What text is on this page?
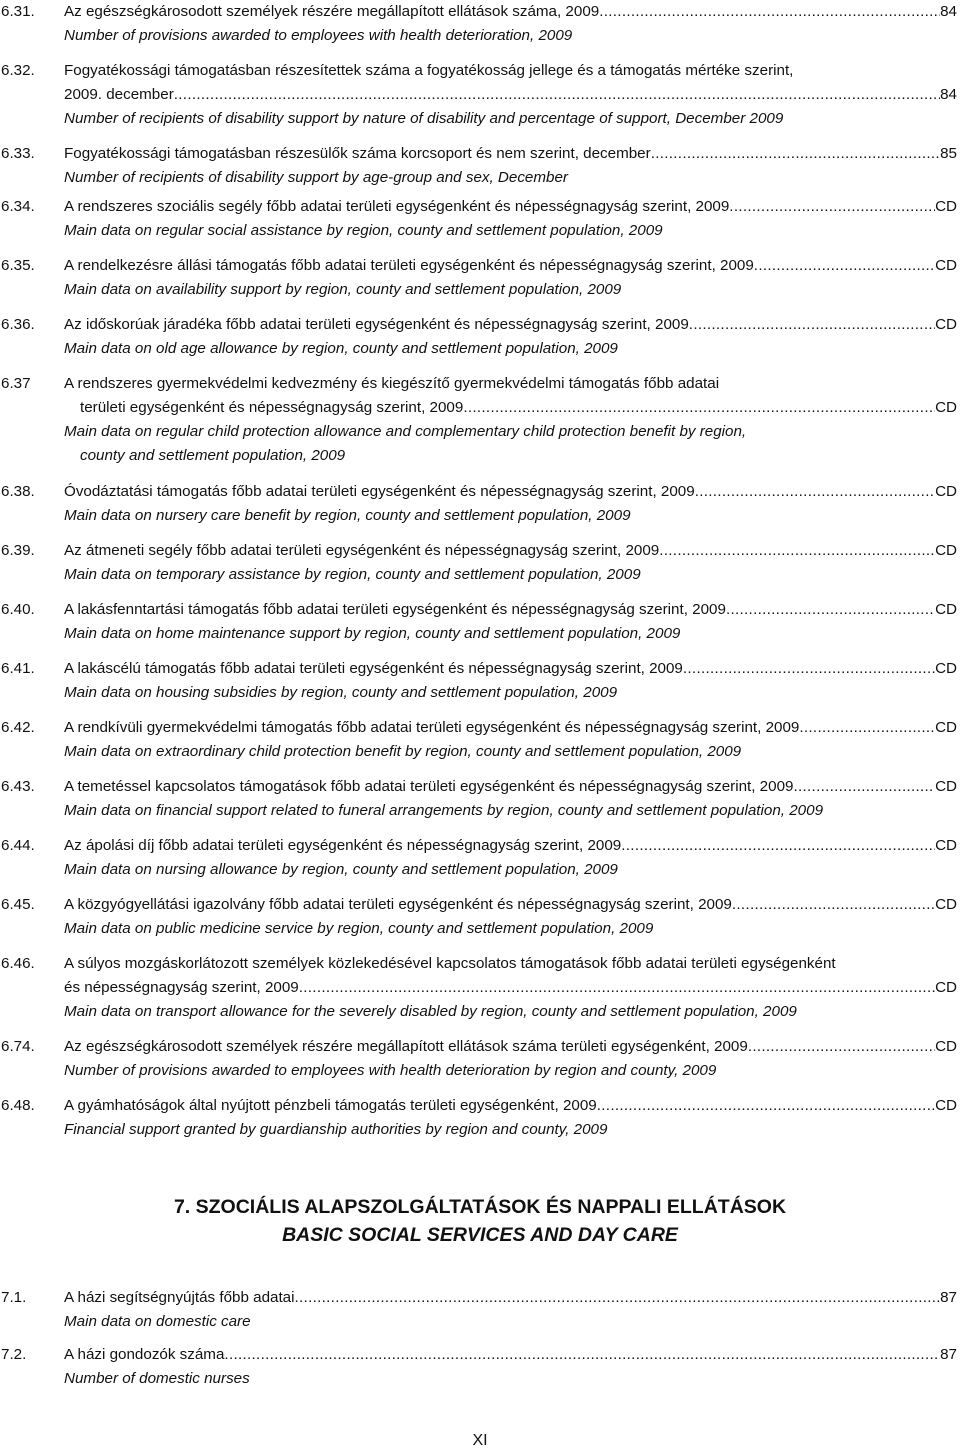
6.31. Az egészségkárosodott személyek részére megállapított ellátások száma, 2009 .....	84
Number of provisions awarded to employees with health deterioration, 2009
6.32. Fogyatékossági támogatásban részesítettek száma a fogyatékosság jellege és a támogatás mértéke szerint,
2009. december .....	84
Number of recipients of disability support by nature of disability and percentage of support, December 2009
6.33. Fogyatékossági támogatásban részesülők száma korcsoport és nem szerint, december .....	85
Number of recipients of disability support by age-group and sex, December
6.34. A rendszeres szociális segély főbb adatai területi egységenként és népességnagyság szerint, 2009 .....	CD
Main data on regular social assistance by region, county and settlement population, 2009
6.35. A rendelkezésre állási támogatás főbb adatai területi egységenként és népességnagyság szerint, 2009 .....	CD
Main data on availability support by region, county and settlement population, 2009
6.36. Az időskorúak járadéka főbb adatai területi egységenként és népességnagyság szerint, 2009 .....	CD
Main data on old age allowance by region, county and settlement population, 2009
6.37 A rendszeres gyermekvédelmi kedvezmény és kiegészítő gyermekvédelmi támogatás főbb adatai
területi egységenként és népességnagyság szerint, 2009 .....	CD
Main data on regular child protection allowance and complementary child protection benefit by region,
county and settlement population, 2009
6.38. Óvodáztatási támogatás főbb adatai területi egységenként és népességnagyság szerint, 2009 .....	CD
Main data on nursery care benefit by region, county and settlement population, 2009
6.39. Az átmeneti segély főbb adatai területi egységenként és népességnagyság szerint, 2009 .....	CD
Main data on temporary assistance by region, county and settlement population, 2009
6.40. A lakásfenntartási támogatás főbb adatai területi egységenként és népességnagyság szerint, 2009 .....	CD
Main data on home maintenance support by region, county and settlement population, 2009
6.41. A lakáscélú támogatás főbb adatai területi egységenként és népességnagyság szerint, 2009 .....	CD
Main data on housing subsidies by region, county and settlement population, 2009
6.42. A rendkívüli gyermekvédelmi támogatás főbb adatai területi egységenként és népességnagyság szerint, 2009 .....	CD
Main data on extraordinary child protection benefit by region, county and settlement population, 2009
6.43. A temetéssel kapcsolatos támogatások főbb adatai területi egységenként és népességnagyság szerint, 2009 .....	CD
Main data on financial support related to funeral arrangements by region, county and settlement population, 2009
6.44. Az ápolási díj főbb adatai területi egységenként és népességnagyság szerint, 2009 .....	CD
Main data on nursing allowance by region, county and settlement population, 2009
6.45. A közgyógyellátási igazolvány főbb adatai területi egységenként és népességnagyság szerint, 2009 .....	CD
Main data on public medicine service by region, county and settlement population, 2009
6.46. A súlyos mozgáskorlátozott személyek közlekedésével kapcsolatos támogatások főbb adatai területi egységenként
és népességnagyság szerint, 2009 .....	CD
Main data on transport allowance for the severely disabled by region, county and settlement population, 2009
6.74. Az egészségkárosodott személyek részére megállapított ellátások száma területi egységenként, 2009 .....	CD
Number of provisions awarded to employees with health deterioration by region and county, 2009
6.48. A gyámhatóságok által nyújtott pénzbeli támogatás területi egységenként, 2009 .....	CD
Financial support granted by guardianship authorities by region and county, 2009
7.1. A házi segítségnyújtás főbb adatai .....	87
Main data on domestic care
7.2. A házi gondozók száma .....	87
Number of domestic nurses
7. SZOCIÁLIS ALAPSZOLGÁLTATÁSOK ÉS NAPPALI ELLÁTÁSOK
BASIC SOCIAL SERVICES AND DAY CARE
XI
